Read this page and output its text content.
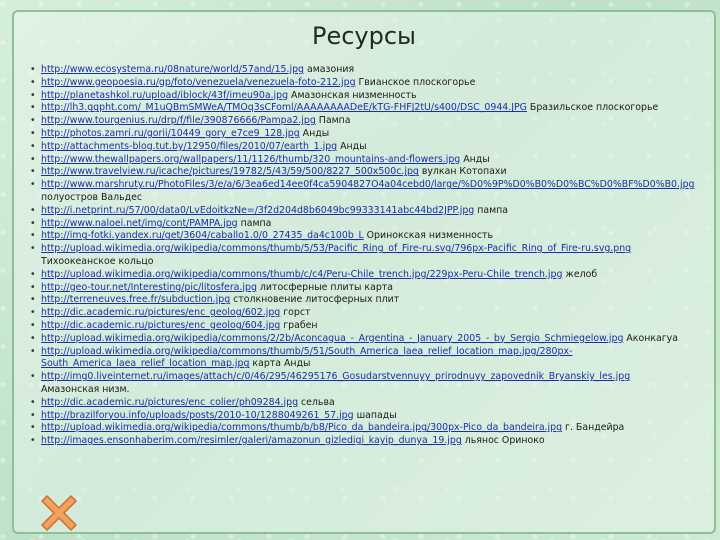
Ресурсы
• http://www.ecosystema.ru/08nature/world/57and/15.jpg амазония
• http://www.geopoesia.ru/gp/foto/venezuela/venezuela-foto-212.jpg Гвианское плоскогорье
• http://planetashkol.ru/upload/iblock/43f/imeu90a.jpg Амазонская низменность
• http://lh3.ggpht.com/_M1uQBmSMWeA/TMOq3sCFoml/AAAAAAAADeE/kTG-FHFJ2tU/s400/DSC_0944.JPG Бразильское плоскогорье
• http://www.tourgenius.ru/drp/f/file/390876666/Pampa2.jpg Пампа
• http://photos.zamri.ru/gorii/10449_gory_e7ce9_128.jpg Анды
• http://attachments-blog.tut.by/12950/files/2010/07/earth_1.jpg Анды
• http://www.thewallpapers.org/wallpapers/11/1126/thumb/320_mountains-and-flowers.jpg Анды
• http://www.travelview.ru/icache/pictures/19782/5/43/59/500/8227_500x500c.jpg вулкан Котопахи
• http://www.marshruty.ru/PhotoFiles/3/e/a/6/3ea6ed14ee0f4ca5904827O4a04cebd0/large/%D0%9P%D0%B0%D0%BC%D0%BF%D0%B0.jpg
полуостров Вальдес
• http://i.netprint.ru/57/00/data0/LvEdoitkzNe=/3f2d204d8b6049bc99333141abc44bd2JPP.jpg пампа
• http://www.naloei.net/img/cont/PAMPA.jpg пампа
• http://img-fotki.yandex.ru/get/3604/caballo1.0/0_27435_da4c100b_L Оринокская низменность
• http://upload.wikimedia.org/wikipedia/commons/thumb/5/53/Pacific_Ring_of_Fire-ru.svg/796px-Pacific_Ring_of_Fire-ru.svg.png
Тихоокеанское кольцо
• http://upload.wikimedia.org/wikipedia/commons/thumb/c/c4/Peru-Chile_trench.jpg/229px-Peru-Chile_trench.jpg желоб
• http://geo-tour.net/Interesting/pic/litosfera.jpg литосферные плиты карта
• http://terreneuves.free.fr/subduction.jpg столкновение литосферных плит
• http://dic.academic.ru/pictures/enc_geolog/602.jpg горст
• http://dic.academic.ru/pictures/enc_geolog/604.jpg грабен
• http://upload.wikimedia.org/wikipedia/commons/2/2b/Aconcagua_-_Argentina_-_January_2005_-_by_Sergio_Schmiegelow.jpg Аконкагуа
• http://upload.wikimedia.org/wikipedia/commons/thumb/5/51/South_America_laea_relief_location_map.jpg/280px-
South_America_laea_relief_location_map.jpg карта Анды
• http://img0.liveinternet.ru/images/attach/c/0/46/295/46295176_Gosudarstvennuyy_prirodnuyy_zapovednik_Bryanskiy_les.jpg
Амазонская низм.
• http://dic.academic.ru/pictures/enc_colier/ph09284.jpg сельва
• http://brazilforyou.info/uploads/posts/2010-10/1288049261_57.jpg шапады
• http://upload.wikimedia.org/wikipedia/commons/thumb/b/b8/Pico_da_bandeira.jpg/300px-Pico_da_bandeira.jpg г. Бандейра
• http://images.ensonhaberim.com/resimler/galeri/amazonun_gizledigi_kayip_dunya_19.jpg льянос Ориноко
